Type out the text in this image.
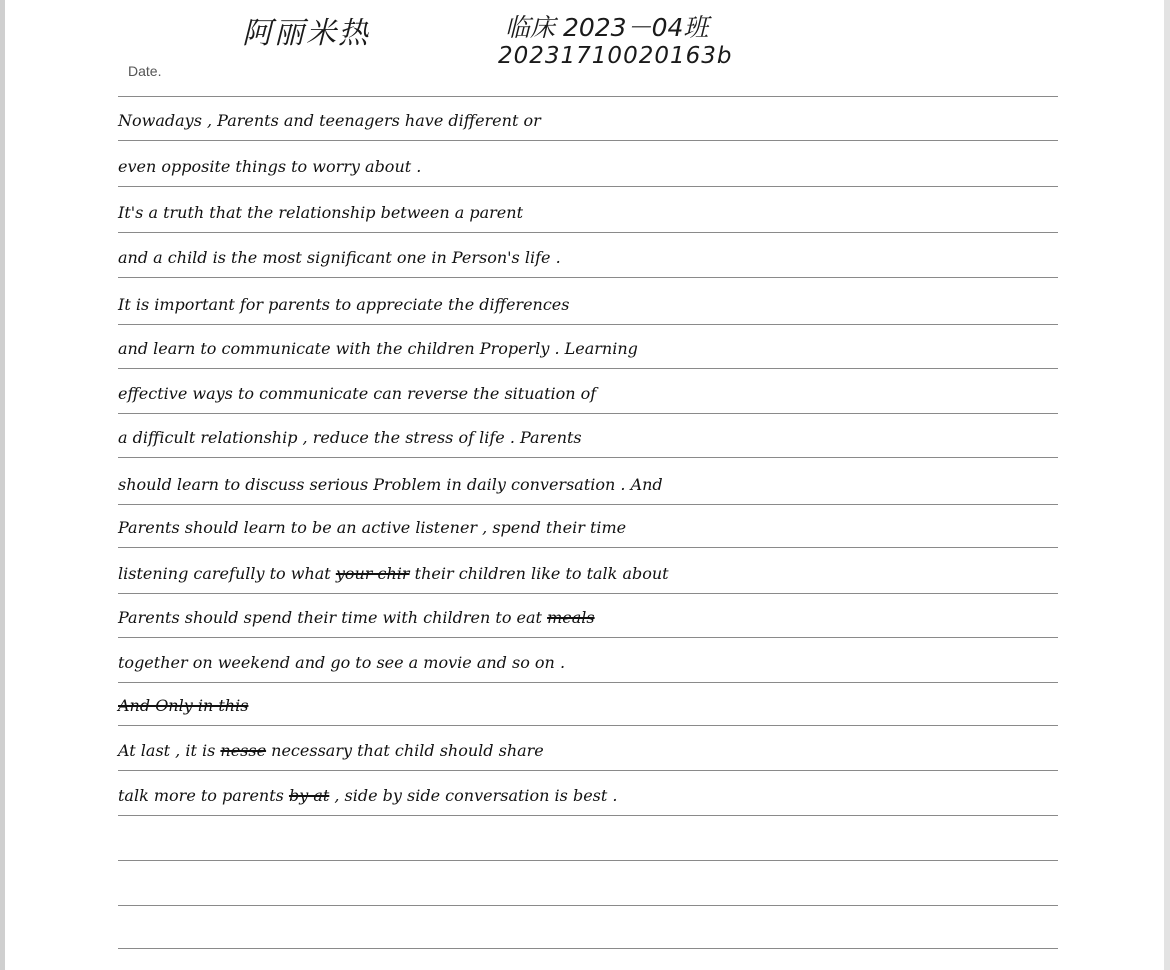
阿丽米热	临床 2023－04班
20231710020163b
Date.
Nowadays , Parents and teenagers have different or
even opposite things to worry about .
It's a truth that the relationship between a parent
and a child is the most significant one in Person's life .
It is important for parents to appreciate the differences
and learn to communicate with the children Properly . Learning
effective ways to communicate can reverse the situation of
a difficult relationship , reduce the stress of life . Parents
should learn to discuss serious Problem in daily conversation . And
Parents should learn to be an active listener , spend their time
listening carefully to what your chir their children like to talk about
Parents should spend their time with children to eat meals
together on weekend and go to see a movie and so on .
And Only in this
At last , it is nesse necessary that child should share
talk more to parents by at , side by side conversation is best .
